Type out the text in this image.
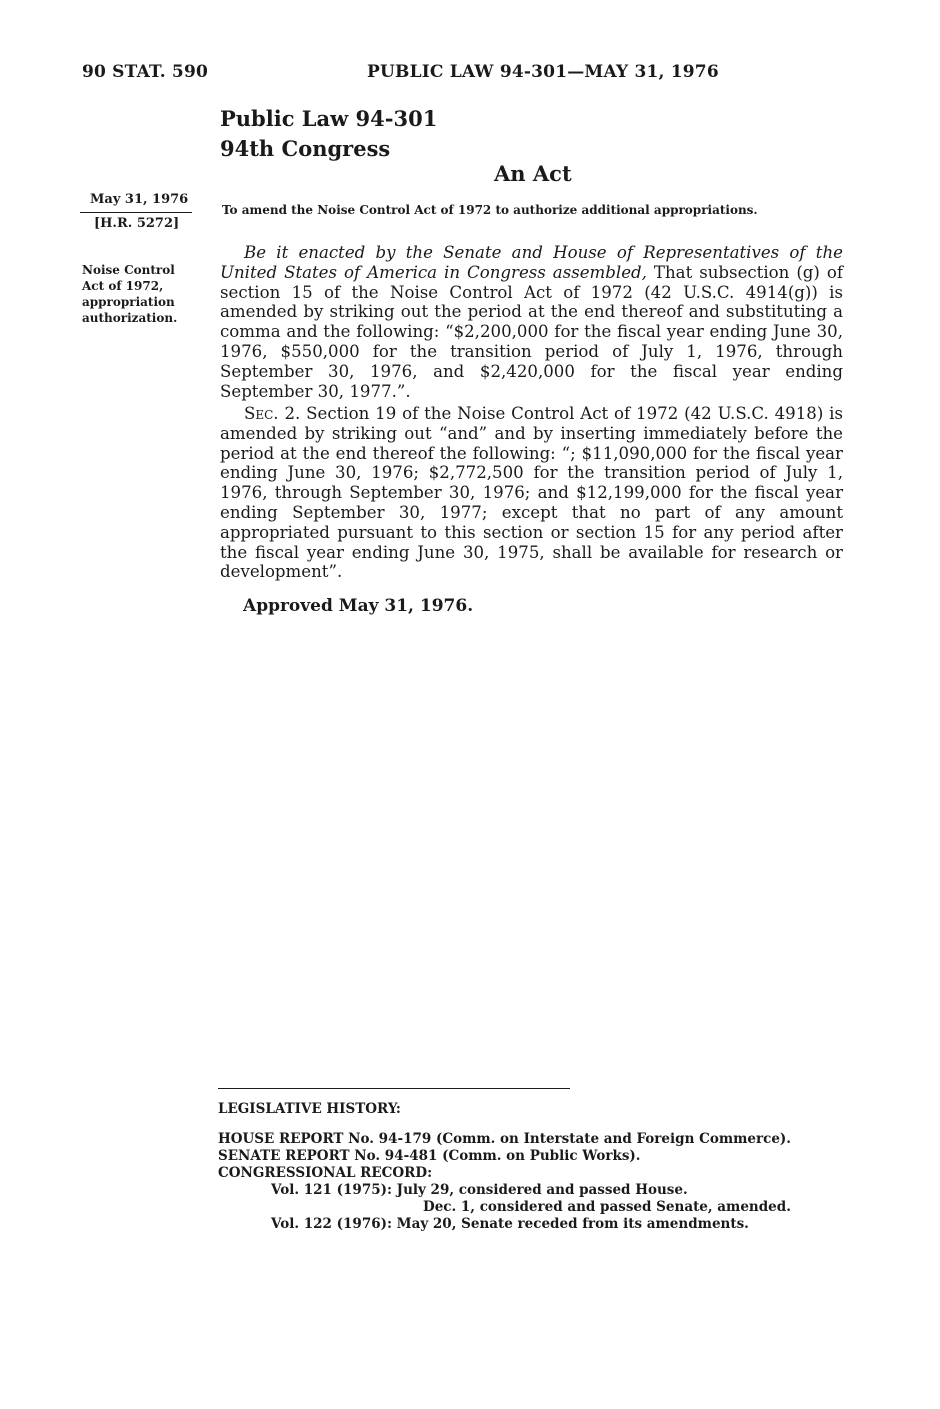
90 STAT. 590	PUBLIC LAW 94-301—MAY 31, 1976
Public Law 94-301
94th Congress
An Act
May 31, 1976
[H.R. 5272]
Noise Control Act of 1972, appropriation authorization.
To amend the Noise Control Act of 1972 to authorize additional appropriations.

Be it enacted by the Senate and House of Representatives of the United States of America in Congress assembled, That subsection (g) of section 15 of the Noise Control Act of 1972 (42 U.S.C. 4914(g)) is amended by striking out the period at the end thereof and substituting a comma and the following: “$2,200,000 for the fiscal year ending June 30, 1976, $550,000 for the transition period of July 1, 1976, through September 30, 1976, and $2,420,000 for the fiscal year ending September 30, 1977.”.

Sec. 2. Section 19 of the Noise Control Act of 1972 (42 U.S.C. 4918) is amended by striking out “and” and by inserting immediately before the period at the end thereof the following: “; $11,090,000 for the fiscal year ending June 30, 1976; $2,772,500 for the transition period of July 1, 1976, through September 30, 1976; and $12,199,000 for the fiscal year ending September 30, 1977; except that no part of any amount appropriated pursuant to this section or section 15 for any period after the fiscal year ending June 30, 1975, shall be available for research or development”.

Approved May 31, 1976.
LEGISLATIVE HISTORY:
HOUSE REPORT No. 94-179 (Comm. on Interstate and Foreign Commerce).
SENATE REPORT No. 94-481 (Comm. on Public Works).
CONGRESSIONAL RECORD:
Vol. 121 (1975): July 29, considered and passed House.
Dec. 1, considered and passed Senate, amended.
Vol. 122 (1976): May 20, Senate receded from its amendments.
